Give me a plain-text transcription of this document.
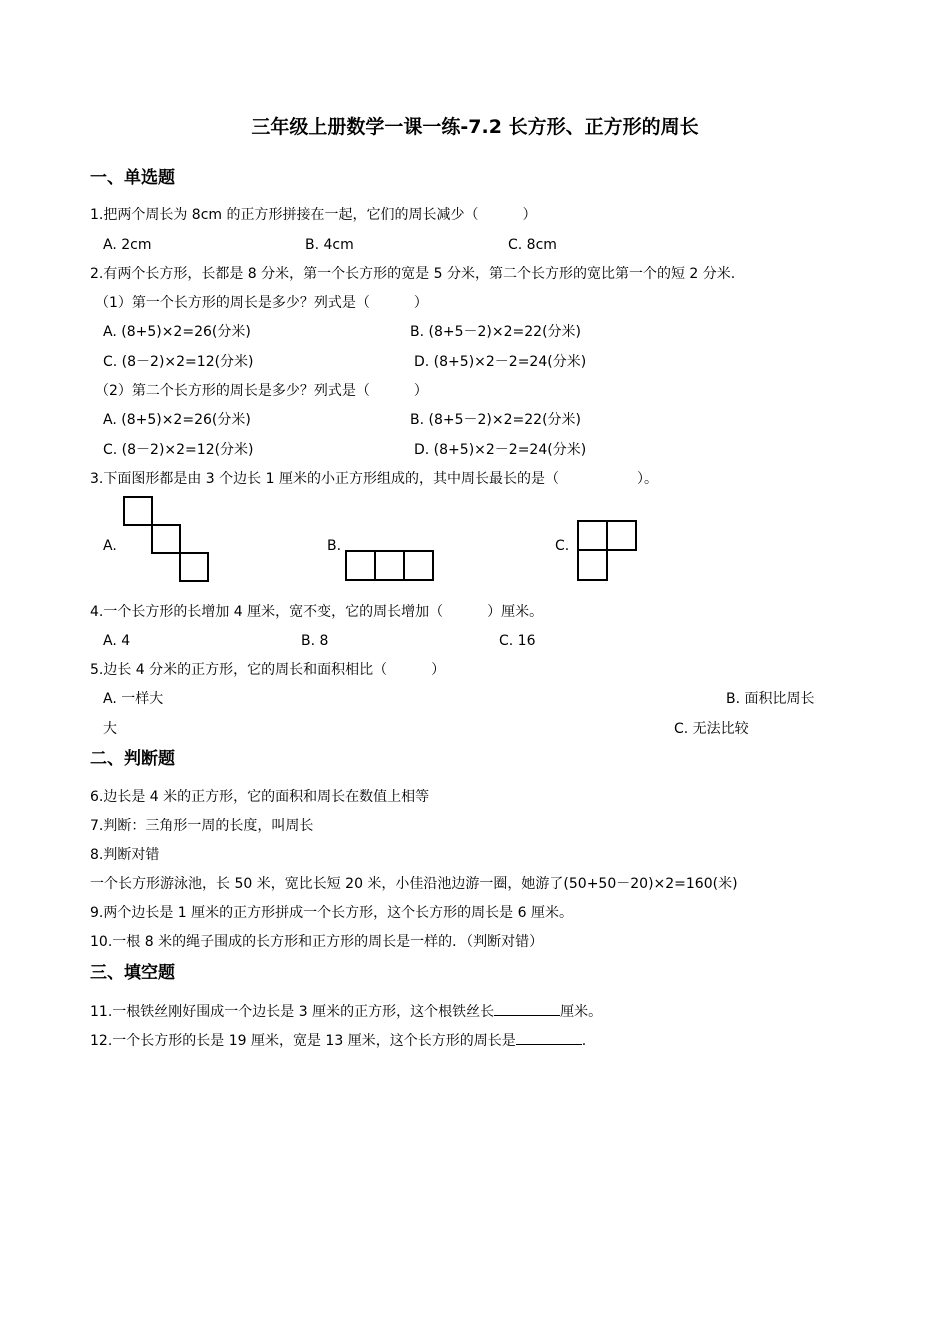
三年级上册数学一课一练-7.2 长方形、正方形的周长
一、单选题
1.把两个周长为 8cm 的正方形拼接在一起，它们的周长减少（	）
A. 2cm	B. 4cm	C. 8cm
2.有两个长方形，长都是 8 分米，第一个长方形的宽是 5 分米，第二个长方形的宽比第一个的短 2 分米.
（1）第一个长方形的周长是多少？列式是（	）
A. (8+5)×2=26(分米)	B. (8+5－2)×2=22(分米)
C. (8－2)×2=12(分米)	D. (8+5)×2－2=24(分米)
（2）第二个长方形的周长是多少？列式是（	）
A. (8+5)×2=26(分米)	B. (8+5－2)×2=22(分米)
C. (8－2)×2=12(分米)	D. (8+5)×2－2=24(分米)
3.下面图形都是由 3 个边长 1 厘米的小正方形组成的，其中周长最长的是（	）。
A.	B.	C.
4.一个长方形的长增加 4 厘米，宽不变，它的周长增加（	）厘米。
A. 4	B. 8	C. 16
5.边长 4 分米的正方形，它的周长和面积相比（	）
A. 一样大	B. 面积比周长
大	C. 无法比较
二、判断题
6.边长是 4 米的正方形，它的面积和周长在数值上相等
7.判断：三角形一周的长度，叫周长
8.判断对错
一个长方形游泳池，长 50 米，宽比长短 20 米，小佳沿池边游一圈，她游了(50+50－20)×2=160(米)
9.两个边长是 1 厘米的正方形拼成一个长方形，这个长方形的周长是 6 厘米。
10.一根 8 米的绳子围成的长方形和正方形的周长是一样的．（判断对错）
三、填空题
11.一根铁丝刚好围成一个边长是 3 厘米的正方形，这个根铁丝长	厘米。
12.一个长方形的长是 19 厘米，宽是 13 厘米，这个长方形的周长是	.
